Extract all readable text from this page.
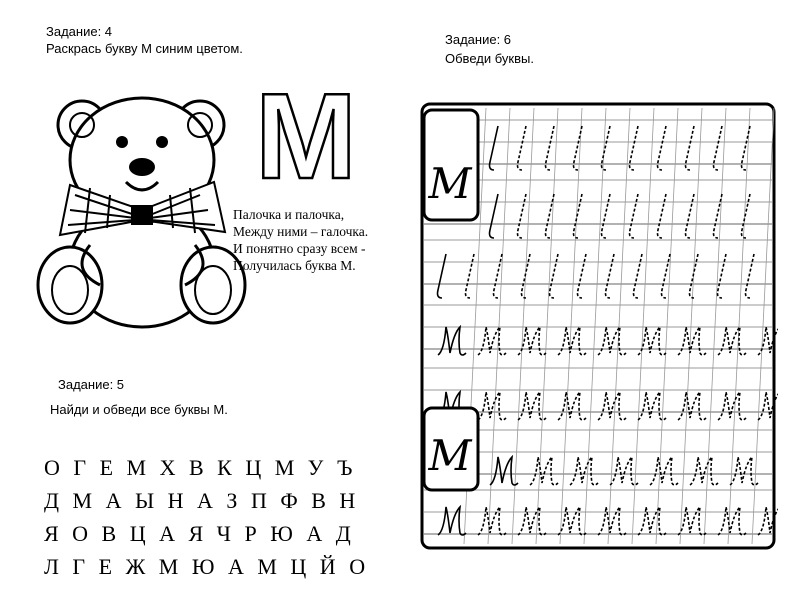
Задание: 4
Раскрась букву М синим цветом.
М
Палочка и палочка,
Между ними – галочка.
И понятно сразу всем -
Получилась буква М.
Задание: 5
Найди и обведи все буквы М.
О Г Е М Х В К Ц М У Ъ
Д М А Ы Н А З П Ф В Н
Я О В Ц А Я Ч Р Ю А Д
Л Г Е Ж М Ю А М Ц Й О
Задание: 6
Обведи буквы.
М
М
